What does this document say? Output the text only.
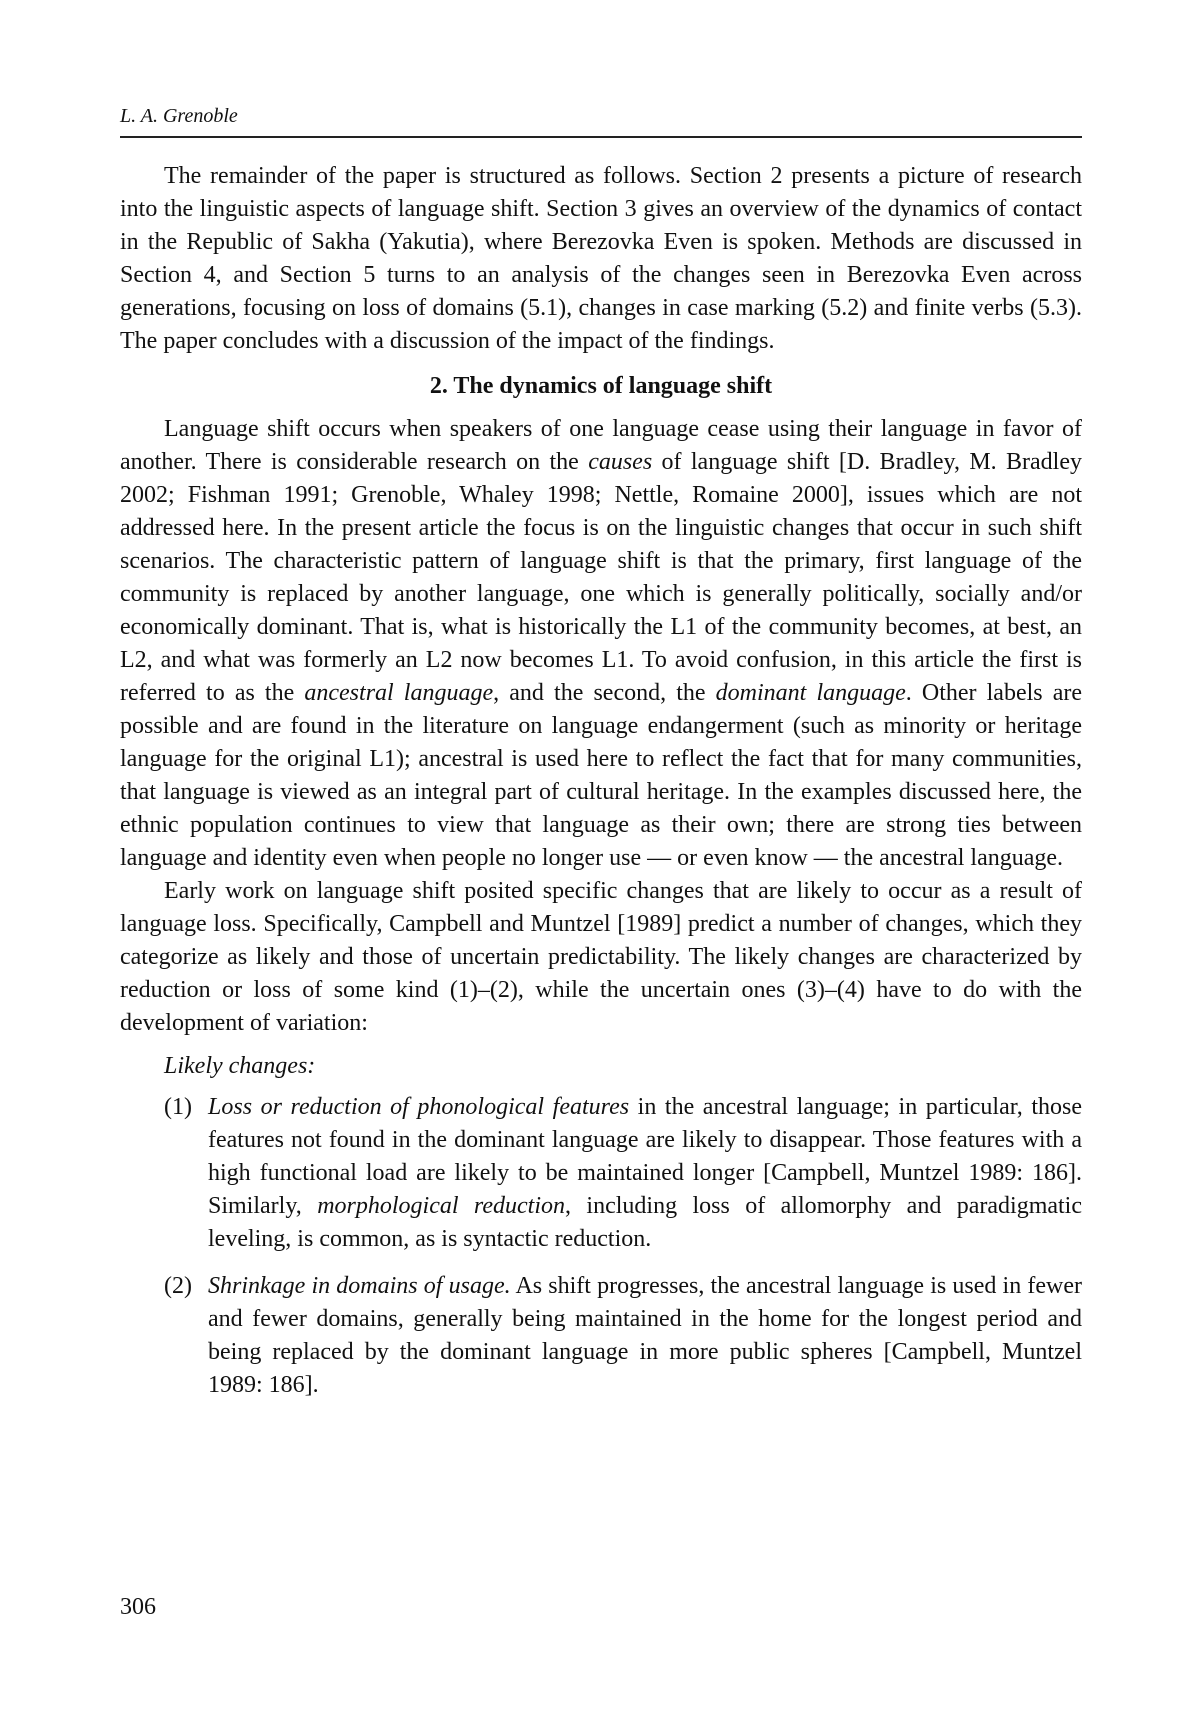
L. A. Grenoble

The remainder of the paper is structured as follows. Section 2 presents a picture of research into the linguistic aspects of language shift. Section 3 gives an overview of the dynamics of contact in the Republic of Sakha (Yakutia), where Berezovka Even is spoken. Methods are discussed in Section 4, and Section 5 turns to an analysis of the changes seen in Berezovka Even across generations, focusing on loss of domains (5.1), changes in case marking (5.2) and finite verbs (5.3). The paper concludes with a discussion of the impact of the findings.

2. The dynamics of language shift

Language shift occurs when speakers of one language cease using their language in favor of another. There is considerable research on the causes of language shift [D. Bradley, M. Bradley 2002; Fishman 1991; Grenoble, Whaley 1998; Nettle, Romaine 2000], issues which are not addressed here. In the present article the focus is on the linguistic changes that occur in such shift scenarios. The characteristic pattern of language shift is that the primary, first language of the community is replaced by another language, one which is generally politically, socially and/or economically dominant. That is, what is historically the L1 of the community becomes, at best, an L2, and what was formerly an L2 now becomes L1. To avoid confusion, in this article the first is referred to as the ancestral language, and the second, the dominant language. Other labels are possible and are found in the literature on language endangerment (such as minority or heritage language for the original L1); ancestral is used here to reflect the fact that for many communities, that language is viewed as an integral part of cultural heritage. In the examples discussed here, the ethnic population continues to view that language as their own; there are strong ties between language and identity even when people no longer use — or even know — the ancestral language.

Early work on language shift posited specific changes that are likely to occur as a result of language loss. Specifically, Campbell and Muntzel [1989] predict a number of changes, which they categorize as likely and those of uncertain predictability. The likely changes are characterized by reduction or loss of some kind (1)–(2), while the uncertain ones (3)–(4) have to do with the development of variation:

Likely changes:
(1) Loss or reduction of phonological features in the ancestral language; in particular, those features not found in the dominant language are likely to disappear. Those features with a high functional load are likely to be maintained longer [Campbell, Muntzel 1989: 186]. Similarly, morphological reduction, including loss of allomorphy and paradigmatic leveling, is common, as is syntactic reduction.
(2) Shrinkage in domains of usage. As shift progresses, the ancestral language is used in fewer and fewer domains, generally being maintained in the home for the longest period and being replaced by the dominant language in more public spheres [Campbell, Muntzel 1989: 186].
306
